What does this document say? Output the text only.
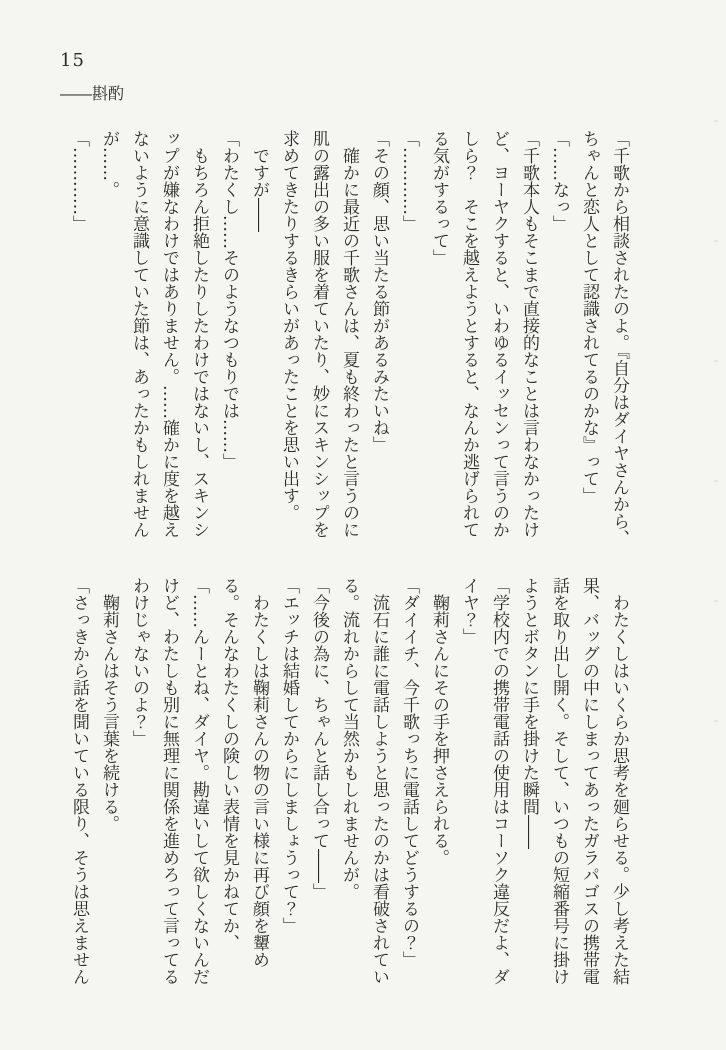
15
――斟酌

「千歌から相談されたのよ。『自分はダイヤさんから、

ちゃんと恋人として認識されてるのかな』って」

「……なっ」

「千歌本人もそこまで直接的なことは言わなかったけ

ど、ヨーヤクすると、いわゆるイッセンって言うのか

しら？　そこを越えようとすると、なんか逃げられて

る気がするって」

「…………」

「その顔、思い当たる節があるみたいね」

　確かに最近の千歌さんは、夏も終わったと言うのに

肌の露出の多い服を着ていたり、妙にスキンシップを

求めてきたりするきらいがあったことを思い出す。

　ですが――

「わたくし……そのようなつもりでは……」

　もちろん拒絶したりしたわけではないし、スキンシ

ップが嫌なわけではありません。……確かに度を越え

ないように意識していた節は、あったかもしれません

が……。

「…………」

　わたくしはいくらか思考を廻らせる。少し考えた結

果、バッグの中にしまってあったガラパゴスの携帯電

話を取り出し開く。そして、いつもの短縮番号に掛け

ようとボタンに手を掛けた瞬間――

「学校内での携帯電話の使用はコーソク違反だよ、ダ

イヤ？」

　鞠莉さんにその手を押さえられる。

「ダイイチ、今千歌っちに電話してどうするの？」

　流石に誰に電話しようと思ったのかは看破されてい

る。流れからして当然かもしれませんが。

「今後の為に、ちゃんと話し合って――」

「エッチは結婚してからにしましょうって？」

　わたくしは鞠莉さんの物の言い様に再び顔を顰め

る。そんなわたくしの険しい表情を見かねてか、

「……んーとね、ダイヤ。勘違いして欲しくないんだ

けど、わたしも別に無理に関係を進めろって言ってる

わけじゃないのよ？」

　鞠莉さんはそう言葉を続ける。

「さっきから話を聞いている限り、そうは思えません
